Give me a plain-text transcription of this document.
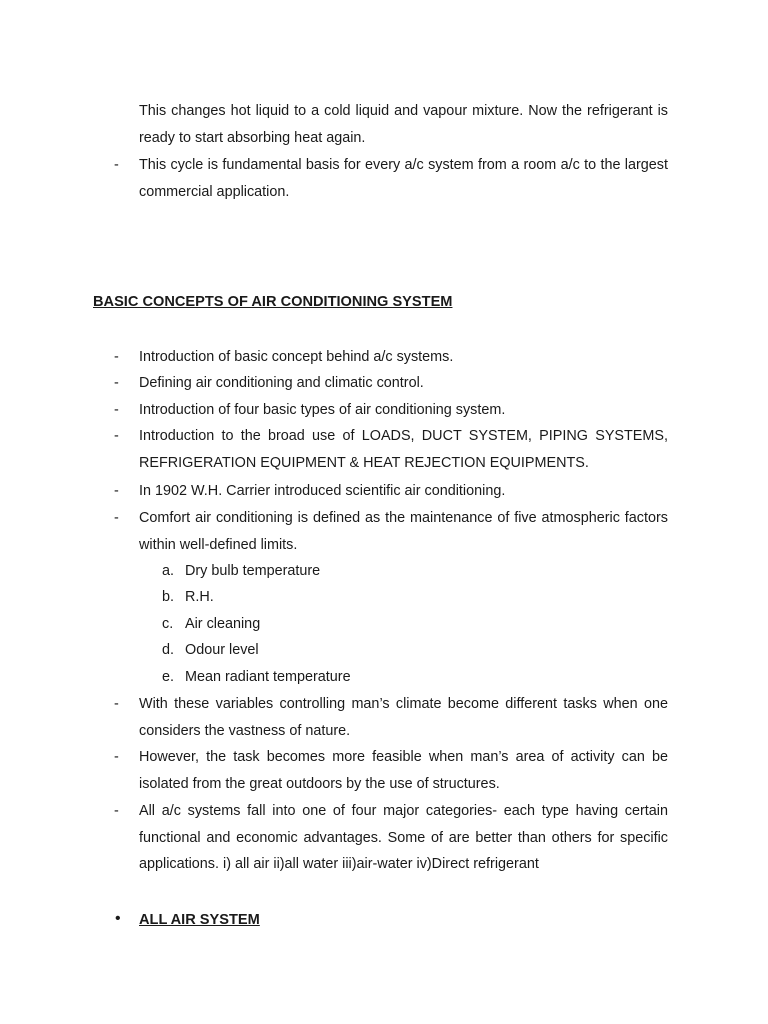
This changes hot liquid to a cold liquid and vapour mixture. Now the refrigerant is ready to start absorbing heat again.
-	This cycle is fundamental basis for every a/c system from a room a/c to the largest commercial application.
BASIC CONCEPTS OF AIR CONDITIONING SYSTEM
-	Introduction of basic concept behind a/c systems.
-	Defining air conditioning and climatic control.
-	Introduction of four basic types of air conditioning system.
-	Introduction to the broad use of LOADS, DUCT SYSTEM, PIPING SYSTEMS, REFRIGERATION EQUIPMENT & HEAT REJECTION EQUIPMENTS.
-	In 1902 W.H. Carrier introduced scientific air conditioning.
-	Comfort air conditioning is defined as the maintenance of five atmospheric factors within well-defined limits.
a. Dry bulb temperature
b. R.H.
c. Air cleaning
d. Odour level
e. Mean radiant temperature
-	With these variables controlling man’s climate become different tasks when one considers the vastness of nature.
-	However, the task becomes more feasible when man’s area of activity can be isolated from the great outdoors by the use of structures.
-	All a/c systems fall into one of four major categories- each type having certain functional and economic advantages. Some of are better than others for specific applications. i) all air ii)all water iii)air-water iv)Direct refrigerant
• ALL AIR SYSTEM
